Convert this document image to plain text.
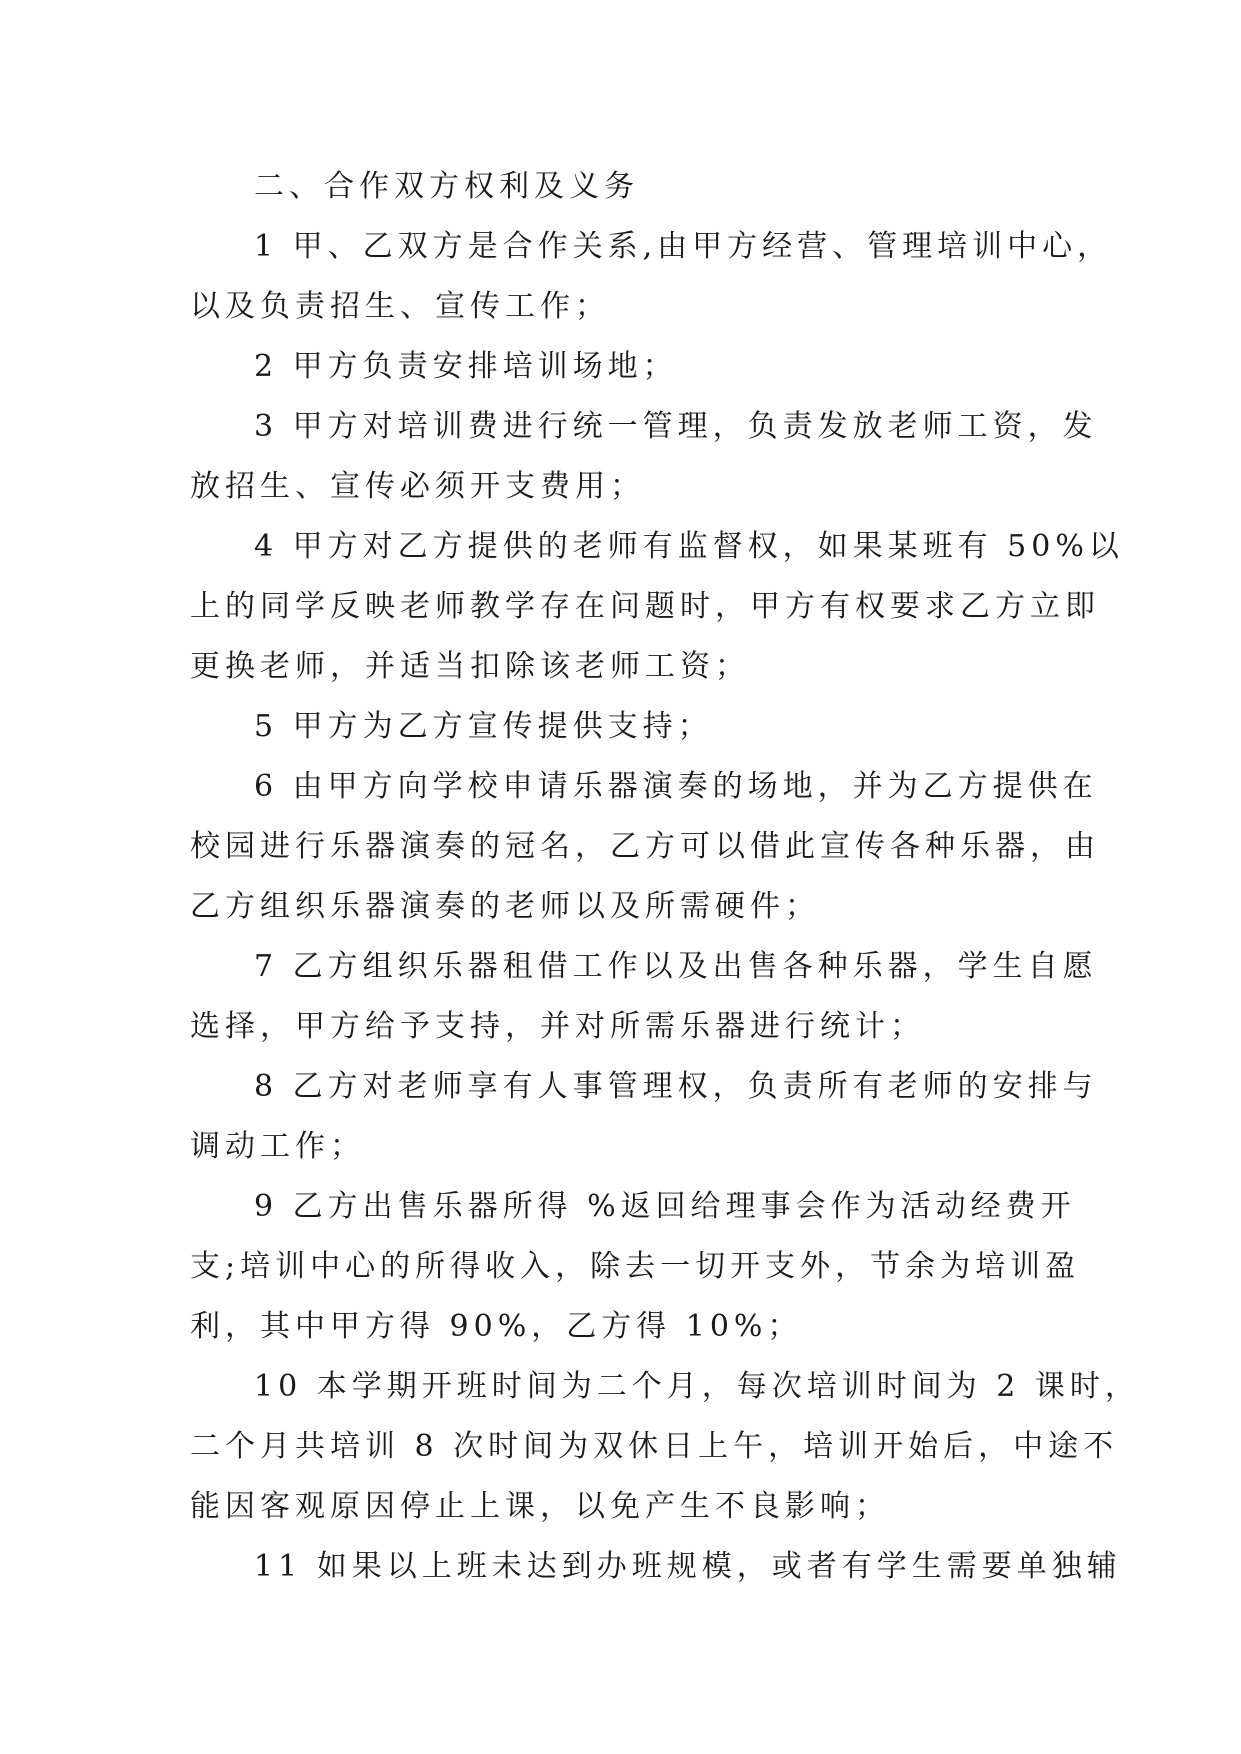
二、合作双方权利及义务
1 甲、乙双方是合作关系,由甲方经营、管理培训中心，
以及负责招生、宣传工作；
2 甲方负责安排培训场地；
3 甲方对培训费进行统一管理，负责发放老师工资，发
放招生、宣传必须开支费用；
4 甲方对乙方提供的老师有监督权，如果某班有 50%以
上的同学反映老师教学存在问题时，甲方有权要求乙方立即
更换老师，并适当扣除该老师工资；
5 甲方为乙方宣传提供支持；
6 由甲方向学校申请乐器演奏的场地，并为乙方提供在
校园进行乐器演奏的冠名，乙方可以借此宣传各种乐器，由
乙方组织乐器演奏的老师以及所需硬件；
7 乙方组织乐器租借工作以及出售各种乐器，学生自愿
选择，甲方给予支持，并对所需乐器进行统计；
8 乙方对老师享有人事管理权，负责所有老师的安排与
调动工作；
9 乙方出售乐器所得 %返回给理事会作为活动经费开
支;培训中心的所得收入，除去一切开支外，节余为培训盈
利，其中甲方得 90%，乙方得 10%；
10 本学期开班时间为二个月，每次培训时间为 2 课时，
二个月共培训 8 次时间为双休日上午，培训开始后，中途不
能因客观原因停止上课，以免产生不良影响；
11 如果以上班未达到办班规模，或者有学生需要单独辅
